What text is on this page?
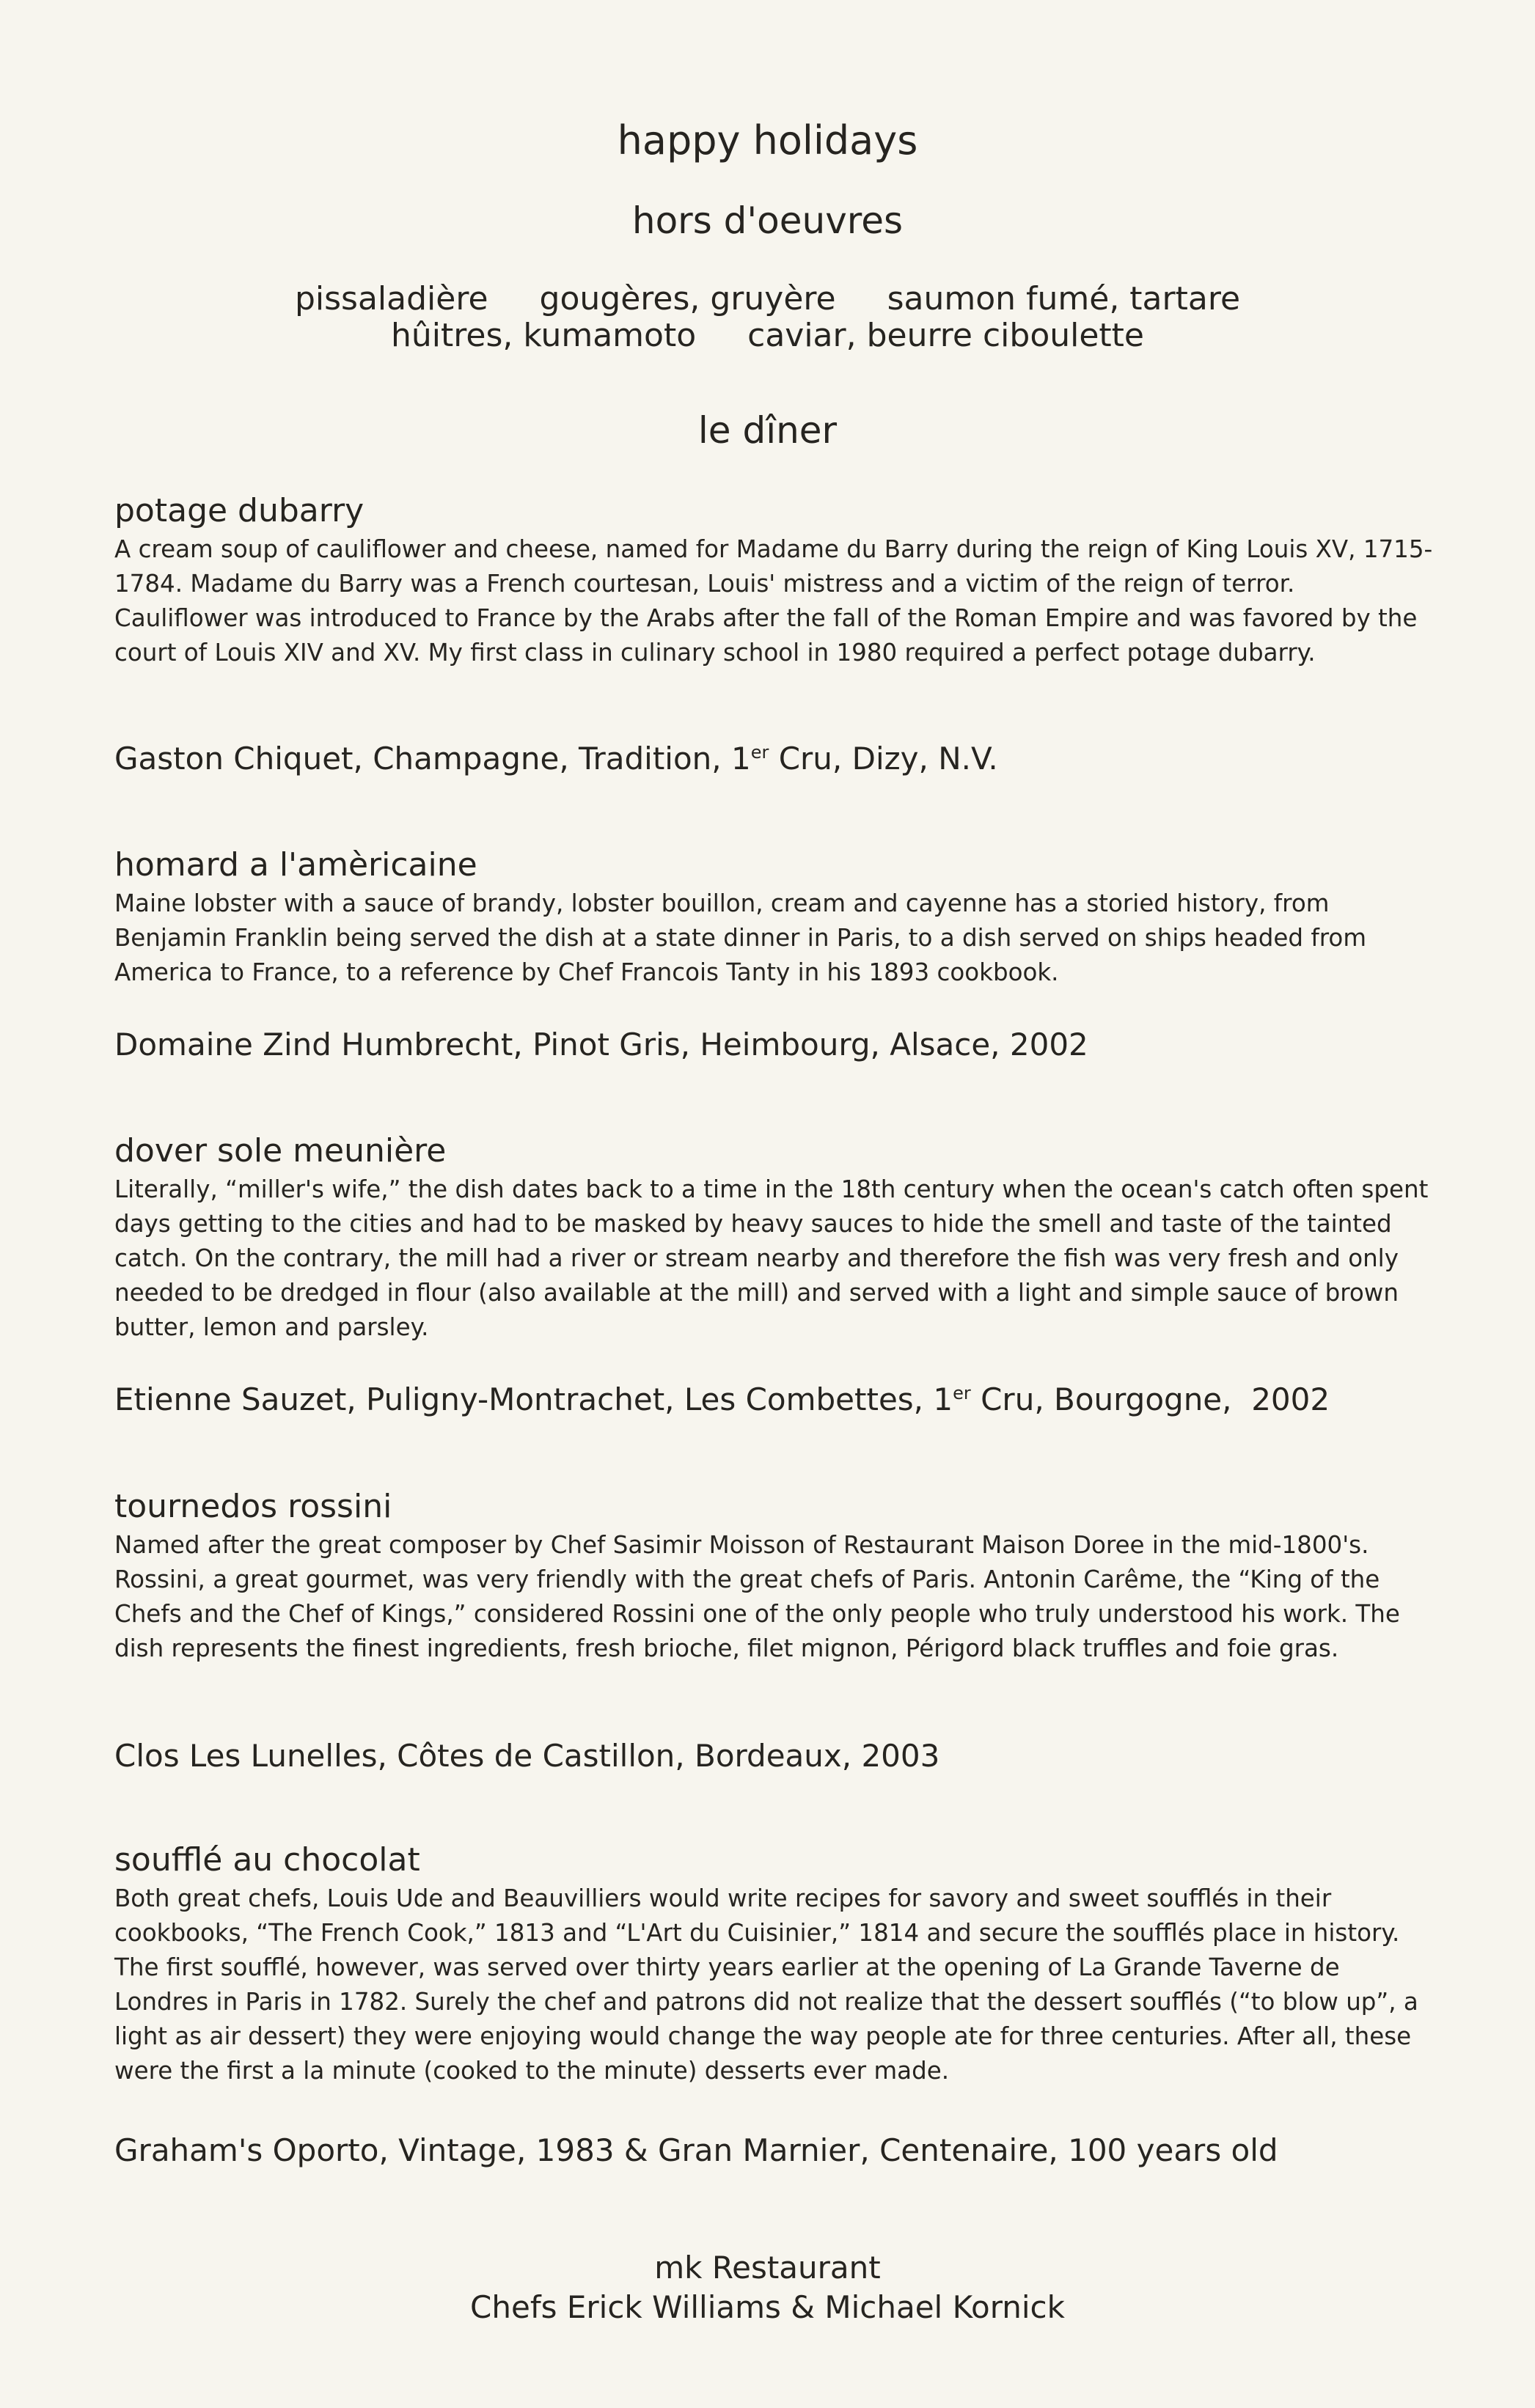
happy holidays
hors d'oeuvres
pissaladière gougères, gruyère saumon fumé, tartare
hûitres, kumamoto caviar, beurre ciboulette
le dîner
potage dubarry

A cream soup of cauliflower and cheese, named for Madame du Barry during the reign of King Louis XV, 1715-1784. Madame du Barry was a French courtesan, Louis' mistress and a victim of the reign of terror. Cauliflower was introduced to France by the Arabs after the fall of the Roman Empire and was favored by the court of Louis XIV and XV. My first class in culinary school in 1980 required a perfect potage dubarry.

Gaston Chiquet, Champagne, Tradition, 1er Cru, Dizy, N.V.
homard a l'amèricaine

Maine lobster with a sauce of brandy, lobster bouillon, cream and cayenne has a storied history, from Benjamin Franklin being served the dish at a state dinner in Paris, to a dish served on ships headed from America to France, to a reference by Chef Francois Tanty in his 1893 cookbook.

Domaine Zind Humbrecht, Pinot Gris, Heimbourg, Alsace, 2002
dover sole meunière

Literally, “miller's wife,” the dish dates back to a time in the 18th century when the ocean's catch often spent days getting to the cities and had to be masked by heavy sauces to hide the smell and taste of the tainted catch. On the contrary, the mill had a river or stream nearby and therefore the fish was very fresh and only needed to be dredged in flour (also available at the mill) and served with a light and simple sauce of brown butter, lemon and parsley.

Etienne Sauzet, Puligny-Montrachet, Les Combettes, 1er Cru, Bourgogne,  2002
tournedos rossini

Named after the great composer by Chef Sasimir Moisson of Restaurant Maison Doree in the mid-1800's. Rossini, a great gourmet, was very friendly with the great chefs of Paris. Antonin Carême, the “King of the Chefs and the Chef of Kings,” considered Rossini one of the only people who truly understood his work. The dish represents the finest ingredients, fresh brioche, filet mignon, Périgord black truffles and foie gras.

Clos Les Lunelles, Côtes de Castillon, Bordeaux, 2003
soufflé au chocolat

Both great chefs, Louis Ude and Beauvilliers would write recipes for savory and sweet soufflés in their cookbooks, “The French Cook,” 1813 and “L'Art du Cuisinier,” 1814 and secure the soufflés place in history. The first soufflé, however, was served over thirty years earlier at the opening of La Grande Taverne de Londres in Paris in 1782. Surely the chef and patrons did not realize that the dessert soufflés (“to blow up”, a light as air dessert) they were enjoying would change the way people ate for three centuries. After all, these were the first a la minute (cooked to the minute) desserts ever made.

Graham's Oporto, Vintage, 1983 & Gran Marnier, Centenaire, 100 years old
mk Restaurant
Chefs Erick Williams & Michael Kornick
